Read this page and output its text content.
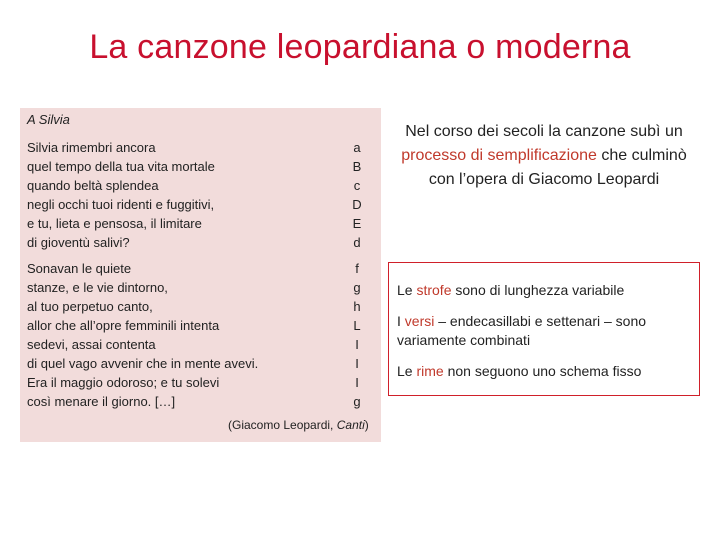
La canzone leopardiana o moderna
A Silvia
Silvia rimembri ancora
quel tempo della tua vita mortale
quando beltà splendea
negli occhi tuoi ridenti e fuggitivi,
e tu, lieta e pensosa, il limitare
di gioventù salivi?
a
B
c
D
E
d
Sonavan le quiete
stanze, e le vie dintorno,
al tuo perpetuo canto,
allor che all’opre femminili intenta
sedevi, assai contenta
di quel vago avvenir che in mente avevi.
Era il maggio odoroso; e tu solevi
così menare il giorno. […]
f
g
h
L
I
I
I
g
(Giacomo Leopardi, Canti)
Nel corso dei secoli la canzone subì un processo di semplificazione che culminò con l’opera di Giacomo Leopardi
Le strofe sono di lunghezza variabile
I versi – endecasillabi e settenari – sono variamente combinati
Le rime non seguono uno schema fisso
